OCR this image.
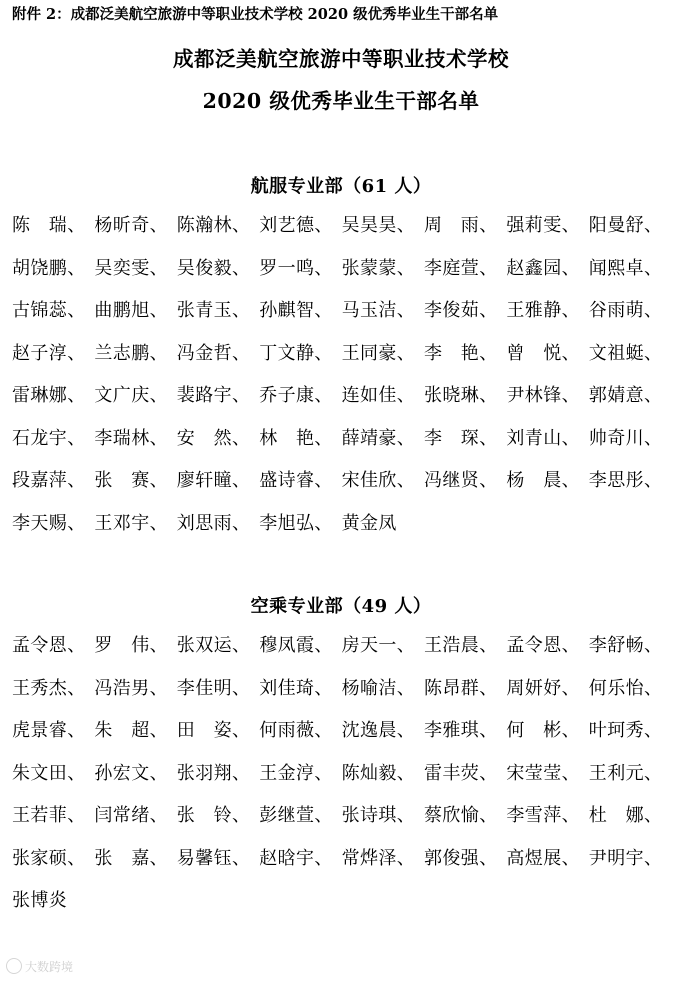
附件 2：成都泛美航空旅游中等职业技术学校 2020 级优秀毕业生干部名单
成都泛美航空旅游中等职业技术学校
2020 级优秀毕业生干部名单
航服专业部（61 人）
陈　瑞、 杨昕奇、 陈瀚林、 刘艺德、 吴昊昊、 周　雨、 强莉雯、 阳曼舒、
胡饶鹏、 吴奕雯、 吴俊毅、 罗一鸣、 张蒙蒙、 李庭萱、 赵鑫园、 闻熙卓、
古锦蕊、 曲鹏旭、 张青玉、 孙麒智、 马玉洁、 李俊茹、 王雅静、 谷雨萌、
赵子淳、 兰志鹏、 冯金哲、 丁文静、 王同豪、 李　艳、 曾　悦、 文祖蜓、
雷琳娜、 文广庆、 裴路宇、 乔子康、 连如佳、 张晓琳、 尹林锋、 郭婧意、
石龙宇、 李瑞林、 安　然、 林　艳、 薛靖豪、 李　琛、 刘青山、 帅奇川、
段嘉萍、 张　赛、 廖轩瞳、 盛诗睿、 宋佳欣、 冯继贤、 杨　晨、 李思彤、
李天赐、 王邓宇、 刘思雨、 李旭弘、 黄金凤
空乘专业部（49 人）
孟令恩、 罗　伟、 张双运、 穆凤霞、 房天一、 王浩晨、 孟令恩、 李舒畅、
王秀杰、 冯浩男、 李佳明、 刘佳琦、 杨喻洁、 陈昂群、 周妍妤、 何乐怡、
虎景睿、 朱　超、 田　姿、 何雨薇、 沈逸晨、 李雅琪、 何　彬、 叶珂秀、
朱文田、 孙宏文、 张羽翔、 王金涥、 陈灿毅、 雷丰荧、 宋莹莹、 王利元、
王若菲、 闫常绪、 张　铃、 彭继萱、 张诗琪、 蔡欣愉、 李雪萍、 杜　娜、
张家硕、 张　嘉、 易馨钰、 赵晗宇、 常烨泽、 郭俊强、 高煜展、 尹明宇、
张博炎
大数跨境
